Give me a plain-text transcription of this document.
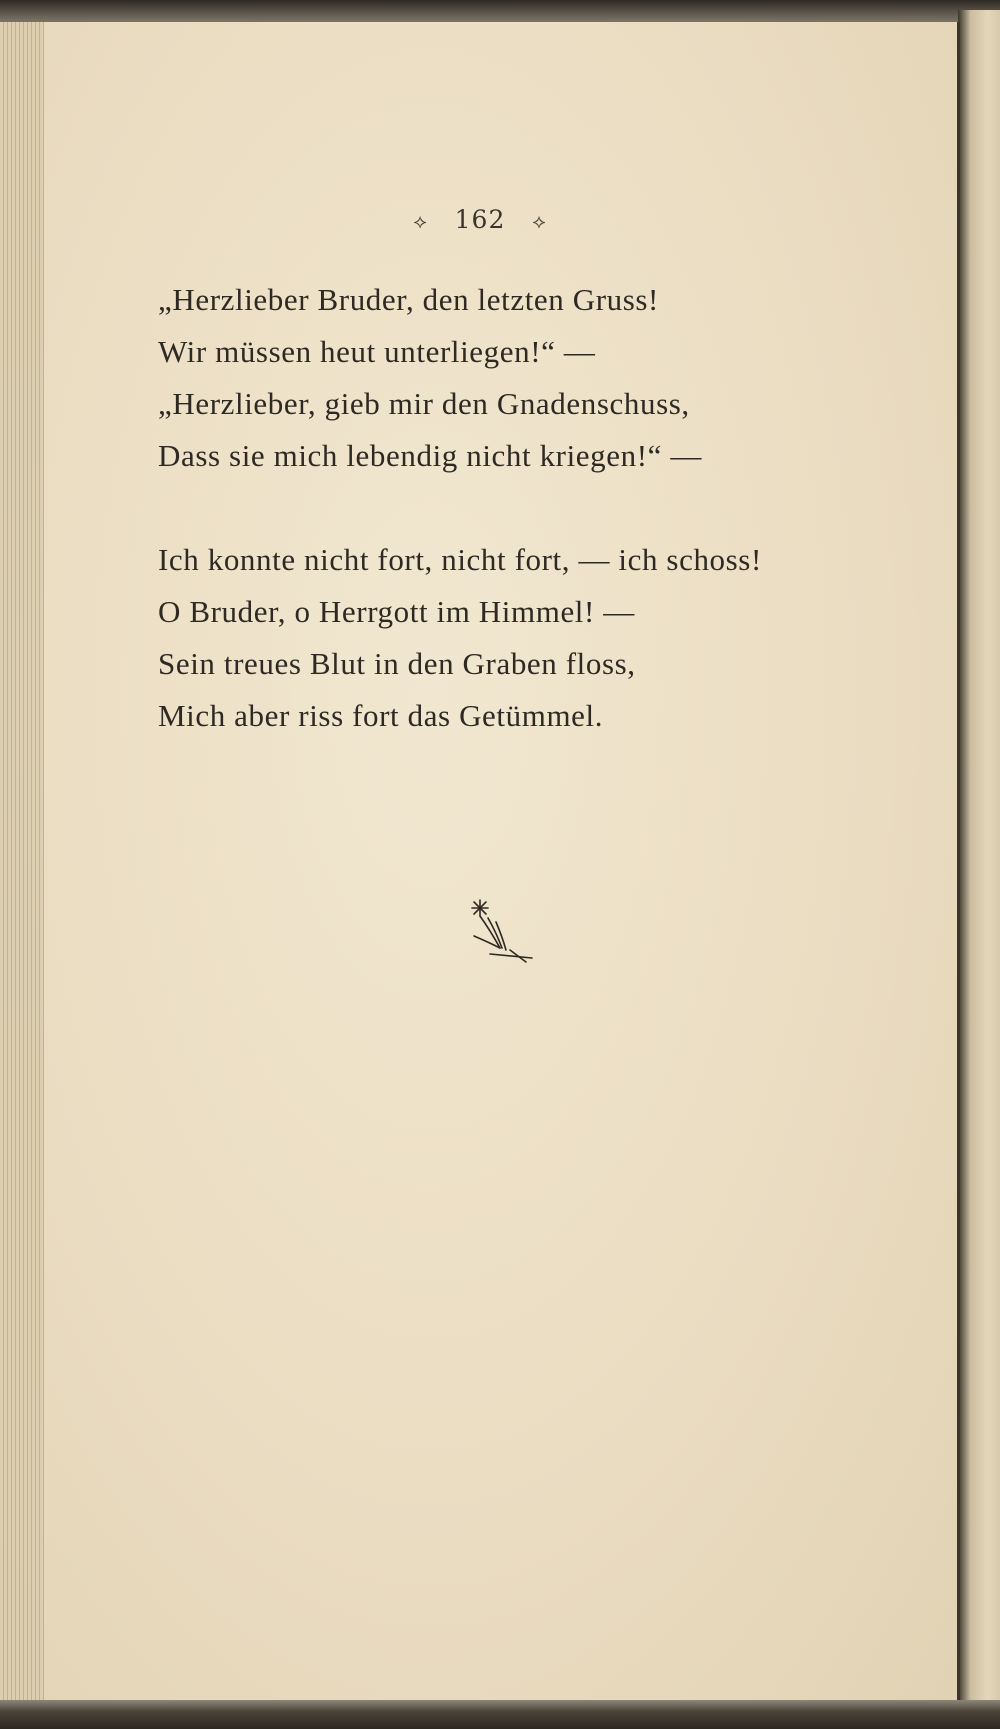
⟡ 162 ⟡
„Herzlieber Bruder, den letzten Gruss!
Wir müssen heut unterliegen!“ —
„Herzlieber, gieb mir den Gnadenschuss,
Dass sie mich lebendig nicht kriegen!“ —
Ich konnte nicht fort, nicht fort, — ich schoss!
O Bruder, o Herrgott im Himmel! —
Sein treues Blut in den Graben floss,
Mich aber riss fort das Getümmel.
